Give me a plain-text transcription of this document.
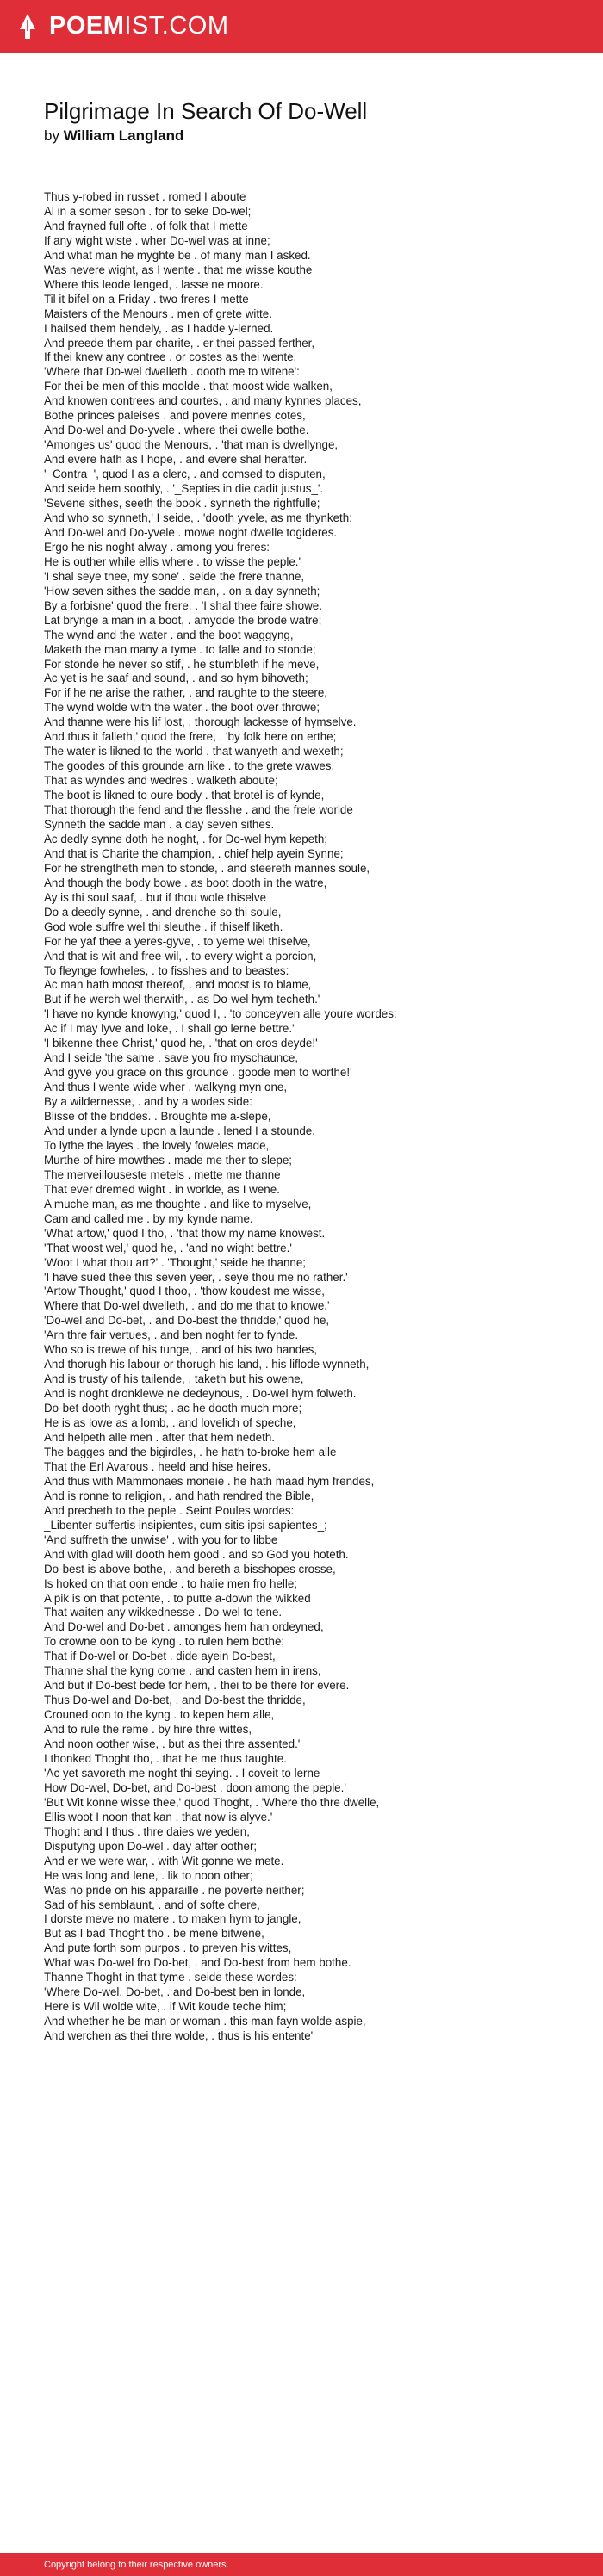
POEMIST.COM
Pilgrimage In Search Of Do-Well
by William Langland
Thus y-robed in russet . romed I aboute
Al in a somer seson . for to seke Do-wel;
And frayned full ofte . of folk that I mette
If any wight wiste . wher Do-wel was at inne;
And what man he myghte be . of many man I asked.
Was nevere wight, as I wente . that me wisse kouthe
Where this leode lenged, . lasse ne moore.
Til it bifel on a Friday . two freres I mette
Maisters of the Menours . men of grete witte.
I hailsed them hendely, . as I hadde y-lerned.
And preede them par charite, . er thei passed ferther,
If thei knew any contree . or costes as thei wente,
'Where that Do-wel dwelleth . dooth me to witene':
For thei be men of this moolde . that moost wide walken,
And knowen contrees and courtes, . and many kynnes places,
Bothe princes paleises . and povere mennes cotes,
And Do-wel and Do-yvele . where thei dwelle bothe.
'Amonges us' quod the Menours, . 'that man is dwellynge,
And evere hath as I hope, . and evere shal herafter.'
'_Contra_', quod I as a clerc, . and comsed to disputen,
And seide hem soothly, . '_Septies in die cadit justus_'.
'Sevene sithes, seeth the book . synneth the rightfulle;
And who so synneth,' I seide, . 'dooth yvele, as me thynketh;
And Do-wel and Do-yvele . mowe noght dwelle togideres.
Ergo he nis noght alway . among you freres:
He is outher while ellis where . to wisse the peple.'
'I shal seye thee, my sone' . seide the frere thanne,
'How seven sithes the sadde man, . on a day synneth;
By a forbisne' quod the frere, . 'I shal thee faire showe.
Lat brynge a man in a boot, . amydde the brode watre;
The wynd and the water . and the boot waggyng,
Maketh the man many a tyme . to falle and to stonde;
For stonde he never so stif, . he stumbleth if he meve,
Ac yet is he saaf and sound, . and so hym bihoveth;
For if he ne arise the rather, . and raughte to the steere,
The wynd wolde with the water . the boot over throwe;
And thanne were his lif lost, . thorough lackesse of hymselve.
And thus it falleth,' quod the frere, . 'by folk here on erthe;
The water is likned to the world . that wanyeth and wexeth;
The goodes of this grounde arn like . to the grete wawes,
That as wyndes and wedres . walketh aboute;
The boot is likned to oure body . that brotel is of kynde,
That thorough the fend and the flesshe . and the frele worlde
Synneth the sadde man . a day seven sithes.
Ac dedly synne doth he noght, . for Do-wel hym kepeth;
And that is Charite the champion, . chief help ayein Synne;
For he strengtheth men to stonde, . and steereth mannes soule,
And though the body bowe . as boot dooth in the watre,
Ay is thi soul saaf, . but if thou wole thiselve
Do a deedly synne, . and drenche so thi soule,
God wole suffre wel thi sleuthe . if thiself liketh.
For he yaf thee a yeres-gyve, . to yeme wel thiselve,
And that is wit and free-wil, . to every wight a porcion,
To fleynge fowheles, . to fisshes and to beastes:
Ac man hath moost thereof, . and moost is to blame,
But if he werch wel therwith, . as Do-wel hym techeth.'
'I have no kynde knowyng,' quod I, . 'to conceyven alle youre wordes:
Ac if I may lyve and loke, . I shall go lerne bettre.'
'I bikenne thee Christ,' quod he, . 'that on cros deyde!'
And I seide 'the same . save you fro myschaunce,
And gyve you grace on this grounde . goode men to worthe!'
And thus I wente wide wher . walkyng myn one,
By a wildernesse, . and by a wodes side:
Blisse of the briddes. . Broughte me a-slepe,
And under a lynde upon a launde . lened I a stounde,
To lythe the layes . the lovely foweles made,
Murthe of hire mowthes . made me ther to slepe;
The merveillouseste metels . mette me thanne
That ever dremed wight . in worlde, as I wene.
A muche man, as me thoughte . and like to myselve,
Cam and called me . by my kynde name.
'What artow,' quod I tho, . 'that thow my name knowest.'
'That woost wel,' quod he, . 'and no wight bettre.'
'Woot I what thou art?' . 'Thought,' seide he thanne;
'I have sued thee this seven yeer, . seye thou me no rather.'
'Artow Thought,' quod I thoo, . 'thow koudest me wisse,
Where that Do-wel dwelleth, . and do me that to knowe.'
'Do-wel and Do-bet, . and Do-best the thridde,' quod he,
'Arn thre fair vertues, . and ben noght fer to fynde.
Who so is trewe of his tunge, . and of his two handes,
And thorugh his labour or thorugh his land, . his liflode wynneth,
And is trusty of his tailende, . taketh but his owene,
And is noght dronklewe ne dedeynous, . Do-wel hym folweth.
Do-bet dooth ryght thus; . ac he dooth much more;
He is as lowe as a lomb, . and lovelich of speche,
And helpeth alle men . after that hem nedeth.
The bagges and the bigirdles, . he hath to-broke hem alle
That the Erl Avarous . heeld and hise heires.
And thus with Mammonaes moneie . he hath maad hym frendes,
And is ronne to religion, . and hath rendred the Bible,
And precheth to the peple . Seint Poules wordes:
_Libenter suffertis insipientes, cum sitis ipsi sapientes_;
'And suffreth the unwise' . with you for to libbe
And with glad will dooth hem good . and so God you hoteth.
Do-best is above bothe, . and bereth a bisshopes crosse,
Is hoked on that oon ende . to halie men fro helle;
A pik is on that potente, . to putte a-down the wikked
That waiten any wikkednesse . Do-wel to tene.
And Do-wel and Do-bet . amonges hem han ordeyned,
To crowne oon to be kyng . to rulen hem bothe;
That if Do-wel or Do-bet . dide ayein Do-best,
Thanne shal the kyng come . and casten hem in irens,
And but if Do-best bede for hem, . thei to be there for evere.
Thus Do-wel and Do-bet, . and Do-best the thridde,
Crouned oon to the kyng . to kepen hem alle,
And to rule the reme . by hire thre wittes,
And noon oother wise, . but as thei thre assented.'
I thonked Thoght tho, . that he me thus taughte.
'Ac yet savoreth me noght thi seying. . I coveit to lerne
How Do-wel, Do-bet, and Do-best . doon among the peple.'
'But Wit konne wisse thee,' quod Thoght, . 'Where tho thre dwelle,
Ellis woot I noon that kan . that now is alyve.'
Thoght and I thus . thre daies we yeden,
Disputyng upon Do-wel . day after oother;
And er we were war, . with Wit gonne we mete.
He was long and lene, . lik to noon other;
Was no pride on his apparaille . ne poverte neither;
Sad of his semblaunt, . and of softe chere,
I dorste meve no matere . to maken hym to jangle,
But as I bad Thoght tho . be mene bitwene,
And pute forth som purpos . to preven his wittes,
What was Do-wel fro Do-bet, . and Do-best from hem bothe.
Thanne Thoght in that tyme . seide these wordes:
'Where Do-wel, Do-bet, . and Do-best ben in londe,
Here is Wil wolde wite, . if Wit koude teche him;
And whether he be man or woman . this man fayn wolde aspie,
And werchen as thei thre wolde, . thus is his entente'
Copyright belong to their respective owners.
